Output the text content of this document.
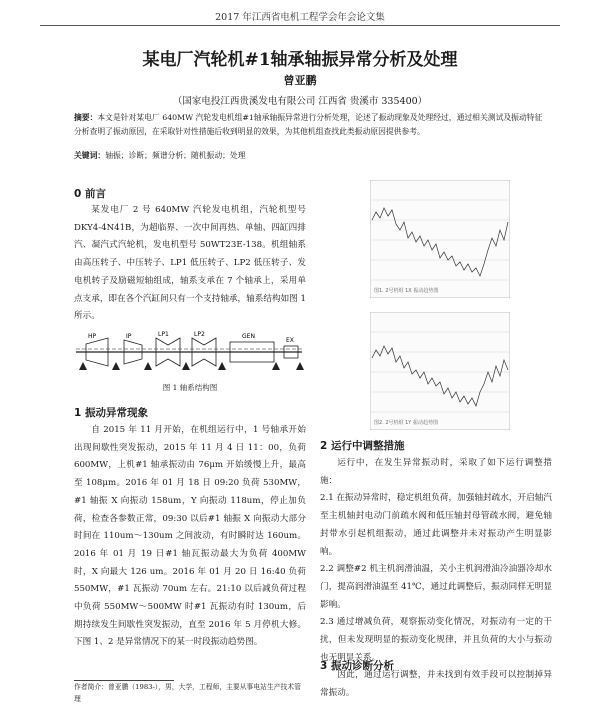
2017 年江西省电机工程学会年会论文集
某电厂汽轮机#1轴承轴振异常分析及处理
曾亚鹏
（国家电投江西贵溪发电有限公司 江西省 贵溪市 335400）
摘要：本文是针对某电厂 640MW 汽轮发电机组#1轴承轴振异常进行分析处理，论述了振动现象及处理经过，通过相关测试及振动特征分析查明了振动原因，在采取针对性措施后收到明显的效果，为其他机组查找此类振动原因提供参考。
关键词：轴振；诊断；频谱分析；随机振动；处理
0 前言
某发电厂 2 号 640MW 汽轮发电机组，汽轮机型号 DKY4-4N41B，为超临界、一次中间再热、单轴、四缸四排汽、凝汽式汽轮机，发电机型号 50WT23E-138。机组轴系由高压转子、中压转子、LP1 低压转子、LP2 低压转子、发电机转子及励磁短轴组成，轴系支承在 7 个轴承上，采用单点支承，即在各个汽缸间只有一个支持轴承，轴系结构如图 1 所示。
HP	IP	LP1	LP2	GEN
EX
图 1 轴系结构图
1 振动异常现象
自 2015 年 11 月开始，在机组运行中，1 号轴承开始出现间歇性突发振动，2015 年 11 月 4 日 11：00，负荷 600MW，上机#1 轴承振动由 76μm 开始缓慢上升，最高至 108μm。2016 年 01 月 18 日 09:20 负荷 530MW，#1 轴振 X 向振动 158um，Y 向振动 118um，停止加负荷，检查各参数正常，09:30 以后#1 轴振 X 向振动大部分时间在 110um～130um 之间波动，有时瞬时达 160um。2016 年 01 月 19 日#1 轴瓦振动最大为负荷 400MW 时，X 向最大 126 um。2016 年 01 月 20 日 16:40 负荷 550MW，#1 瓦振动 70um 左右。21:10 以后减负荷过程中负荷 550MW～500MW 时#1 瓦振动有时 130um，后期持续发生间歇性突发振动，直至 2016 年 5 月停机大修。下图 1、2 是异常情况下的某一时段振动趋势图。
图1. 2号机组 1X 振动趋势图
图2. 2号机组 1Y 振动趋势图
2 运行中调整措施

运行中，在发生异常振动时，采取了如下运行调整措施：

2.1 在振动异常时，稳定机组负荷，加强轴封疏水，开启轴汽至主机轴封电动门前疏水阀和低压轴封母管疏水阀，避免轴封带水引起机组振动，通过此调整并未对振动产生明显影响。

2.2 调整#2 机主机润滑油温，关小主机润滑油冷油器冷却水门，提高润滑油温至 41℃，通过此调整后，振动同样无明显影响。

2.3 通过增减负荷，观察振动变化情况，对振动有一定的干扰，但未发现明显的振动变化规律，并且负荷的大小与振动也无明显关系。

因此，通过运行调整，并未找到有效手段可以控制掉异常振动。

3 振动诊断分析
作者简介：曾亚鹏（1983-），男，大学，工程师，主要从事电站生产技术管理
